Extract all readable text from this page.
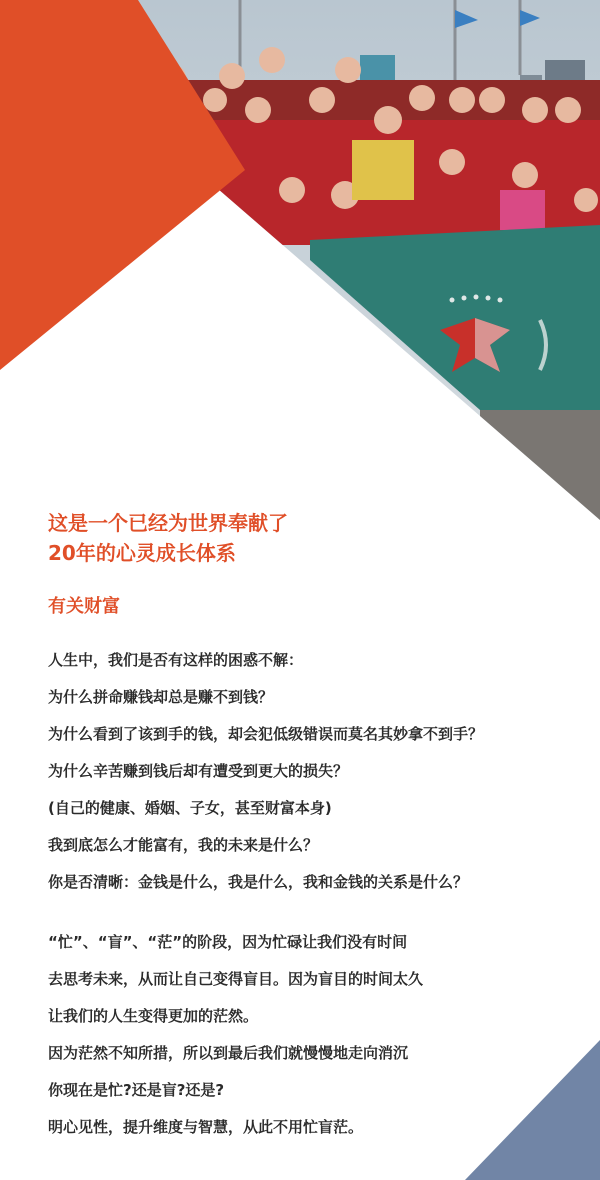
这是一个已经为世界奉献了
20年的心灵成长体系
有关财富
人生中，我们是否有这样的困惑不解：
为什么拼命赚钱却总是赚不到钱？
为什么看到了该到手的钱，却会犯低级错误而莫名其妙拿不到手？
为什么辛苦赚到钱后却有遭受到更大的损失？
(自己的健康、婚姻、子女，甚至财富本身)
我到底怎么才能富有，我的未来是什么？
你是否清晰：金钱是什么，我是什么，我和金钱的关系是什么？
“忙”、“盲”、“茫”的阶段，因为忙碌让我们没有时间
去思考未来，从而让自己变得盲目。因为盲目的时间太久
让我们的人生变得更加的茫然。
因为茫然不知所措，所以到最后我们就慢慢地走向消沉
你现在是忙?还是盲?还是?
明心见性，提升维度与智慧，从此不用忙盲茫。
